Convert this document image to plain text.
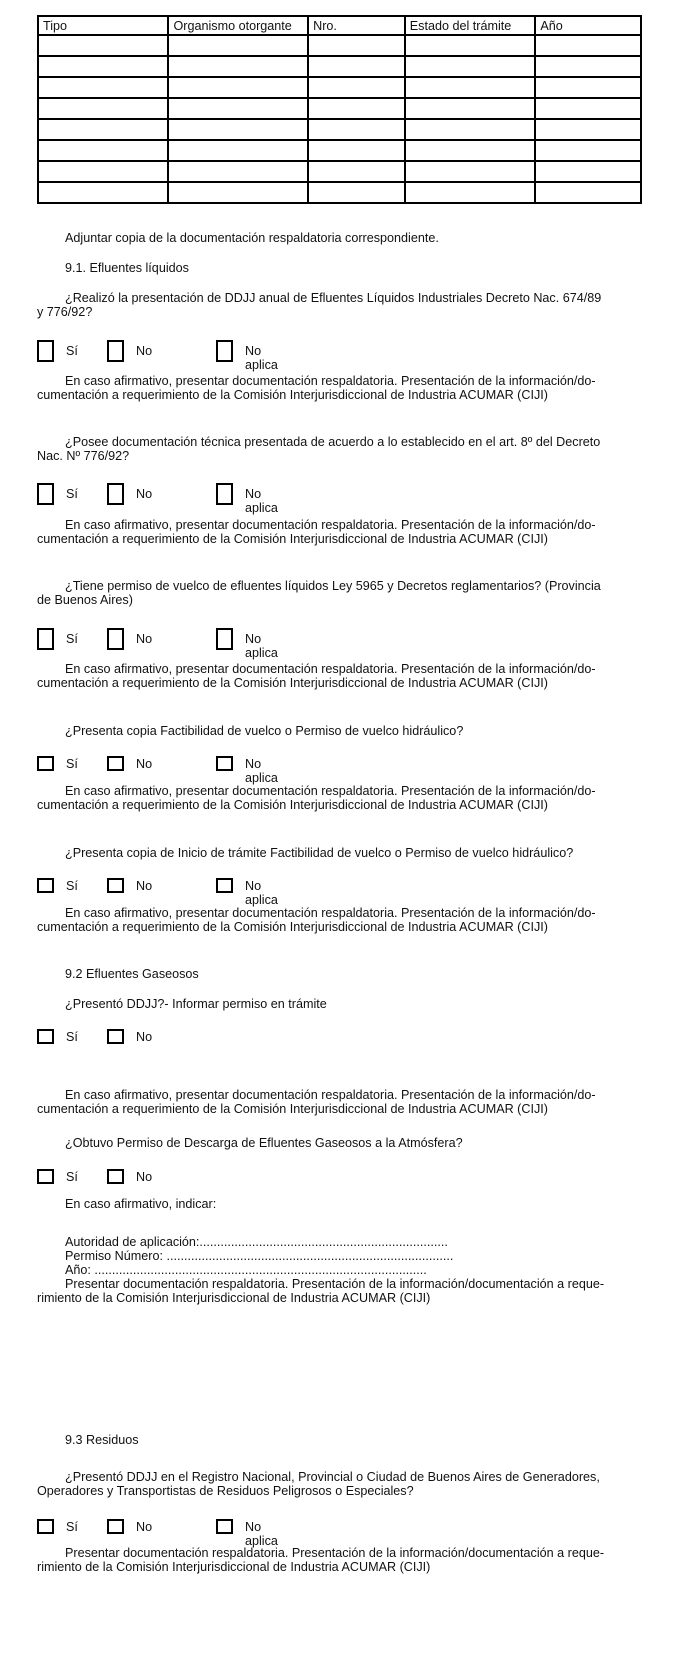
Tipo	Organismo otorgante	Nro.	Estado del trámite	Año

Adjuntar copia de la documentación respaldatoria correspondiente.
9.1. Efluentes líquidos
¿Realizó la presentación de DDJJ anual de Efluentes Líquidos Industriales Decreto Nac. 674/89
y 776/92?
Sí	No	No aplica
En caso afirmativo, presentar documentación respaldatoria. Presentación de la información/do-
cumentación a requerimiento de la Comisión Interjurisdiccional de Industria ACUMAR (CIJI)
¿Posee documentación técnica presentada de acuerdo a lo establecido en el art. 8º del Decreto
Nac. Nº 776/92?
Sí	No	No aplica
En caso afirmativo, presentar documentación respaldatoria. Presentación de la información/do-
cumentación a requerimiento de la Comisión Interjurisdiccional de Industria ACUMAR (CIJI)
¿Tiene permiso de vuelco de efluentes líquidos Ley 5965 y Decretos reglamentarios? (Provincia
de Buenos Aires)
Sí	No	No aplica
En caso afirmativo, presentar documentación respaldatoria. Presentación de la información/do-
cumentación a requerimiento de la Comisión Interjurisdiccional de Industria ACUMAR (CIJI)
¿Presenta copia Factibilidad de vuelco o Permiso de vuelco hidráulico?
Sí	No	No aplica
En caso afirmativo, presentar documentación respaldatoria. Presentación de la información/do-
cumentación a requerimiento de la Comisión Interjurisdiccional de Industria ACUMAR (CIJI)
¿Presenta copia de Inicio de trámite Factibilidad de vuelco o Permiso de vuelco hidráulico?
Sí	No	No aplica
En caso afirmativo, presentar documentación respaldatoria. Presentación de la información/do-
cumentación a requerimiento de la Comisión Interjurisdiccional de Industria ACUMAR (CIJI)
9.2 Efluentes Gaseosos
¿Presentó DDJJ?- Informar permiso en trámite
Sí	No
En caso afirmativo, presentar documentación respaldatoria. Presentación de la información/do-
cumentación a requerimiento de la Comisión Interjurisdiccional de Industria ACUMAR (CIJI)
¿Obtuvo Permiso de Descarga de Efluentes Gaseosos a la Atmósfera?
Sí	No
En caso afirmativo, indicar:
Autoridad de aplicación:.......................................................................
Permiso Número: ..................................................................................
Año: ...............................................................................................
Presentar documentación respaldatoria. Presentación de la información/documentación a reque-
rimiento de la Comisión Interjurisdiccional de Industria ACUMAR (CIJI)
9.3 Residuos
¿Presentó DDJJ en el Registro Nacional, Provincial o Ciudad de Buenos Aires de Generadores,
Operadores y Transportistas de Residuos Peligrosos o Especiales?
Sí	No	No aplica
Presentar documentación respaldatoria. Presentación de la información/documentación a reque-
rimiento de la Comisión Interjurisdiccional de Industria ACUMAR (CIJI)
